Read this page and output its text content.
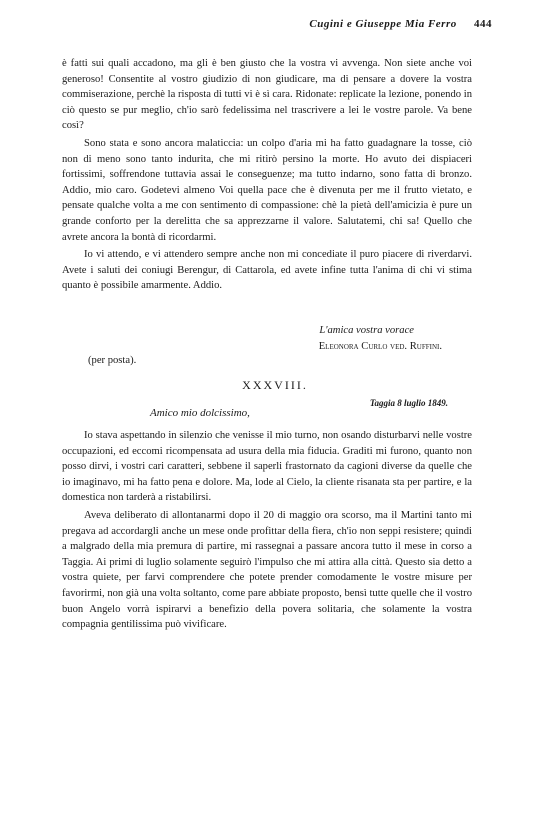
Cugini e Giuseppe Mia Ferro 444

è fatti sui quali accadono, ma gli è ben giusto che la vostra vi avvenga. Non siete anche voi generoso! Consentite al vostro giudizio di non giudicare, ma di pensare a dovere la vostra commiserazione, perchè la risposta di tutti vi è sì cara. Ridonate: replicate la lezione, ponendo in ciò questo se pur meglio, ch'io sarò fedelissima nel trascrivere a lei le vostre parole. Va bene così?

Sono stata e sono ancora malaticcia: un colpo d'aria mi ha fatto guadagnare la tosse, ciò non di meno sono tanto indurita, che mi ritirò persino la morte. Ho avuto dei dispiaceri fortissimi, soffrendone tuttavia assai le conseguenze; ma tutto indarno, sono fatta di bronzo. Addio, mio caro. Godetevi almeno Voi quella pace che è divenuta per me il frutto vietato, e pensate qualche volta a me con sentimento di compassione: chè la pietà dell'amicizia è pure un grande conforto per la derelitta che sa apprezzarne il valore. Salutatemi, chi sa! Quello che avrete ancora la bontà di ricordarmi.

Io vi attendo, e vi attendero sempre anche non mi concediate il puro piacere di riverdarvi. Avete i saluti dei coniugi Berengur, di Cattarola, ed avete infine tutta l'anima di chi vi stima quanto è possibile amarmente. Addio.

L'amica vostra vorace
Eleonora Curlo ved. Ruffini.
(per posta).
XXXVIII.
Taggia 8 luglio 1849.
Amico mio dolcissimo,

Io stava aspettando in silenzio che venisse il mio turno, non osando disturbarvi nelle vostre occupazioni, ed eccomi ricompensata ad usura della mia fiducia. Graditi mi furono, quanto non posso dirvi, i vostri cari caratteri, sebbene il saperli frastornato da cagioni diverse da quelle che io imaginavo, mi ha fatto pena e dolore. Ma, lode al Cielo, la cliente risanata sta per partire, e la domestica non tarderà a ristabilirsi.

Aveva deliberato di allontanarmi dopo il 20 di maggio ora scorso, ma il Martini tanto mi pregava ad accordargli anche un mese onde profittar della fiera, ch'io non seppi resistere; quindi a malgrado della mia premura di partire, mi rassegnai a passare ancora tutto il mese in corso a Taggia. Ai primi di luglio solamente seguirò l'impulso che mi attira alla città. Questo sia detto a vostra quiete, per farvi comprendere che potete prender comodamente le vostre misure per favorirmi, non già una volta soltanto, come pare abbiate proposto, bensì tutte quelle che il vostro buon Angelo vorrà ispirarvi a benefizio della povera solitaria, che solamente la vostra compagnia gentilissima può vivificare.
